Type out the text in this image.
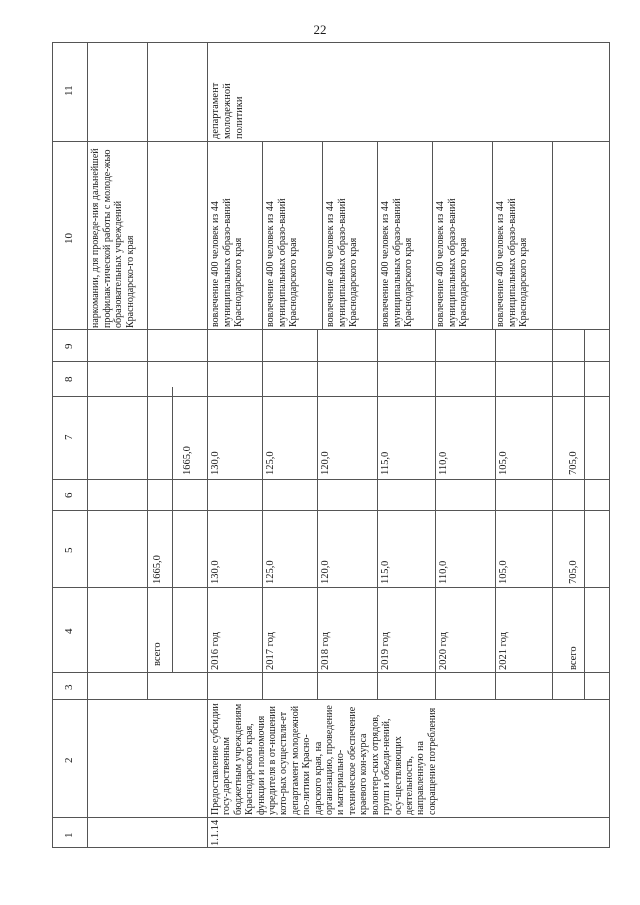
22
1
2
3
4
5
6
7
8
9
10
11
наркомании, для проведе-ния дальнейшей профилак-тической работы с молоде-жью образовательных учреждений Краснодарско-го края
департамент молодежной политики
всего
1665,0
1665,0
1.1.14
Предоставление субсидии госу-дарственным бюджетным учреждениям Краснодарского края, функции и полномочия учредителя в от-ношении кото-рых осуществля-ет департамент молодежной по-литики Красно-дарского края, на организацию, проведение и материально-техническое обеспечение краевого кон-курса волонтер-ских отрядов, групп и объеди-нений, осу-ществляющих деятельность, направленную на сокращение потребления
2016 год
130,0
130,0
вовлечение 400 человек из 44 муниципальных образо-ваний Краснодарского края
2017 год
125,0
125,0
вовлечение 400 человек из 44 муниципальных образо-ваний Краснодарского края
2018 год
120,0
120,0
вовлечение 400 человек из 44 муниципальных образо-ваний Краснодарского края
2019 год
115,0
115,0
вовлечение 400 человек из 44 муниципальных образо-ваний Краснодарского края
2020 год
110,0
110,0
вовлечение 400 человек из 44 муниципальных образо-ваний Краснодарского края
2021 год
105,0
105,0
вовлечение 400 человек из 44 муниципальных образо-ваний Краснодарского края
всего
705,0
705,0
